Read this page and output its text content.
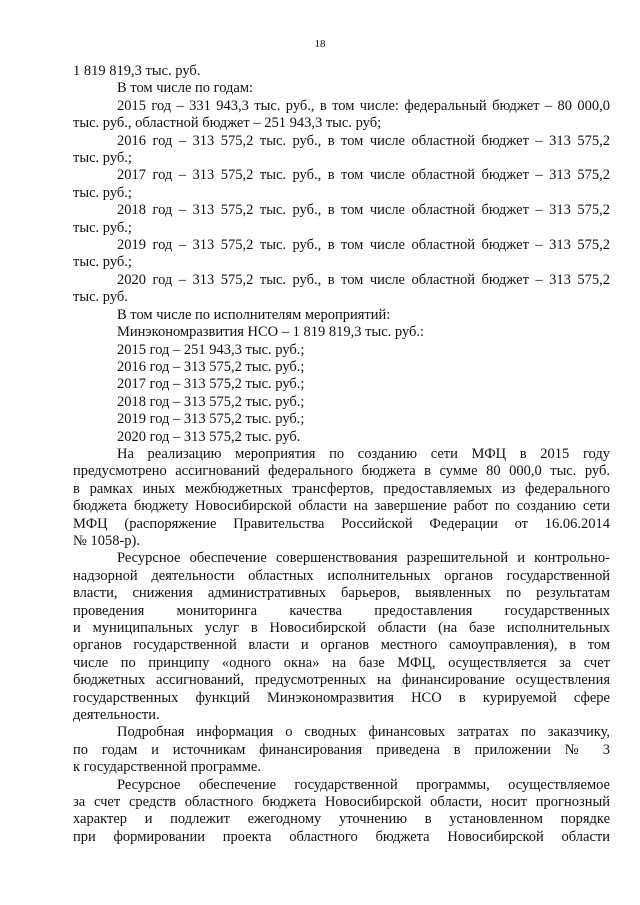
18

1 819 819,3 тыс. руб.

В том числе по годам:

2015 год – 331 943,3 тыс. руб., в том числе: федеральный бюджет – 80 000,0

тыс. руб., областной бюджет – 251 943,3 тыс. руб;

2016 год – 313 575,2 тыс. руб., в том числе областной бюджет – 313 575,2

тыс. руб.;

2017 год – 313 575,2 тыс. руб., в том числе областной бюджет – 313 575,2

тыс. руб.;

2018 год – 313 575,2 тыс. руб., в том числе областной бюджет – 313 575,2

тыс. руб.;

2019 год – 313 575,2 тыс. руб., в том числе областной бюджет – 313 575,2

тыс. руб.;

2020 год – 313 575,2 тыс. руб., в том числе областной бюджет – 313 575,2

тыс. руб.

В том числе по исполнителям мероприятий:

Минэкономразвития НСО – 1 819 819,3 тыс. руб.:

2015 год – 251 943,3 тыс. руб.;

2016 год – 313 575,2 тыс. руб.;

2017 год – 313 575,2 тыс. руб.;

2018 год – 313 575,2 тыс. руб.;

2019 год – 313 575,2 тыс. руб.;

2020 год – 313 575,2 тыс. руб.

На реализацию мероприятия по созданию сети МФЦ в 2015 году

предусмотрено ассигнований федерального бюджета в сумме 80 000,0 тыс. руб.

в рамках иных межбюджетных трансфертов, предоставляемых из федерального

бюджета бюджету Новосибирской области на завершение работ по созданию сети

МФЦ (распоряжение Правительства Российской Федерации от 16.06.2014

№ 1058-р).

Ресурсное обеспечение совершенствования разрешительной и контрольно-

надзорной деятельности областных исполнительных органов государственной

власти, снижения административных барьеров, выявленных по результатам

проведения мониторинга качества предоставления государственных

и муниципальных услуг в Новосибирской области (на базе исполнительных

органов государственной власти и органов местного самоуправления), в том

числе по принципу «одного окна» на базе МФЦ, осуществляется за счет

бюджетных ассигнований, предусмотренных на финансирование осуществления

государственных функций Минэкономразвития НСО в курируемой сфере

деятельности.

Подробная информация о сводных финансовых затратах по заказчику,

по годам и источникам финансирования приведена в приложении № 3

к государственной программе.

Ресурсное обеспечение государственной программы, осуществляемое

за счет средств областного бюджета Новосибирской области, носит прогнозный

характер и подлежит ежегодному уточнению в установленном порядке

при формировании проекта областного бюджета Новосибирской области
